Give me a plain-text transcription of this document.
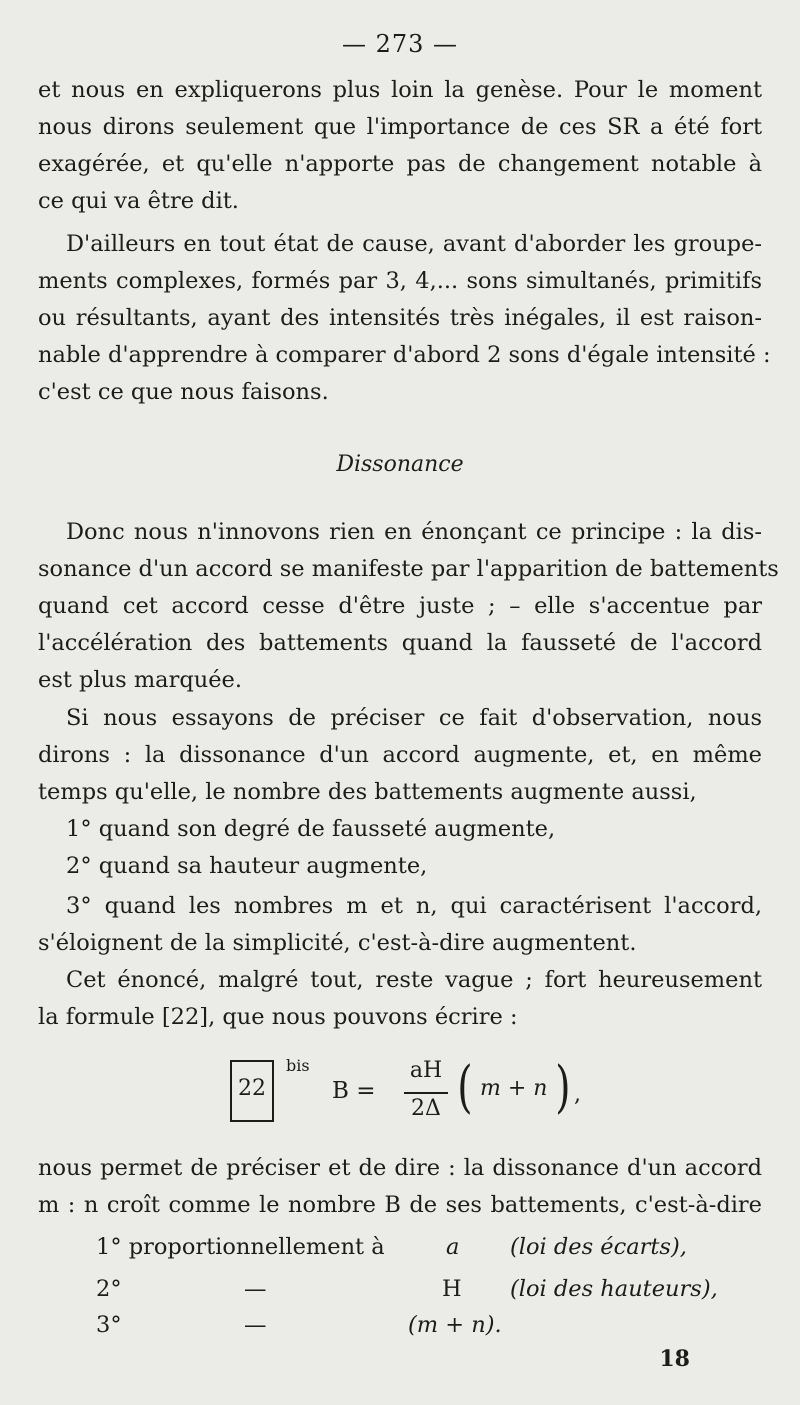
— 273 —
et nous en expliquerons plus loin la genèse. Pour le moment
nous dirons seulement que l'importance de ces SR a été fort
exagérée, et qu'elle n'apporte pas de changement notable à
ce qui va être dit.
D'ailleurs en tout état de cause, avant d'aborder les groupe-
ments complexes, formés par 3, 4,... sons simultanés, primitifs
ou résultants, ayant des intensités très inégales, il est raison-
nable d'apprendre à comparer d'abord 2 sons d'égale intensité :
c'est ce que nous faisons.
Dissonance
Donc nous n'innovons rien en énonçant ce principe : la dis-
sonance d'un accord se manifeste par l'apparition de battements
quand cet accord cesse d'être juste ; – elle s'accentue par
l'accélération des battements quand la fausseté de l'accord
est plus marquée.
Si nous essayons de préciser ce fait d'observation, nous
dirons : la dissonance d'un accord augmente, et, en même
temps qu'elle, le nombre des battements augmente aussi,
1° quand son degré de fausseté augmente,
2° quand sa hauteur augmente,
3° quand les nombres m et n, qui caractérisent l'accord,
s'éloignent de la simplicité, c'est-à-dire augmentent.
Cet énoncé, malgré tout, reste vague ; fort heureusement
la formule [22], que nous pouvons écrire :
22
bis
B =
aH
2Δ ( m + n ) ,
nous permet de préciser et de dire : la dissonance d'un accord
m : n croît comme le nombre B de ses battements, c'est-à-dire
1° proportionnellement à	a (loi des écarts),
2°	—	H (loi des hauteurs),
3°	—	(m + n).
18
